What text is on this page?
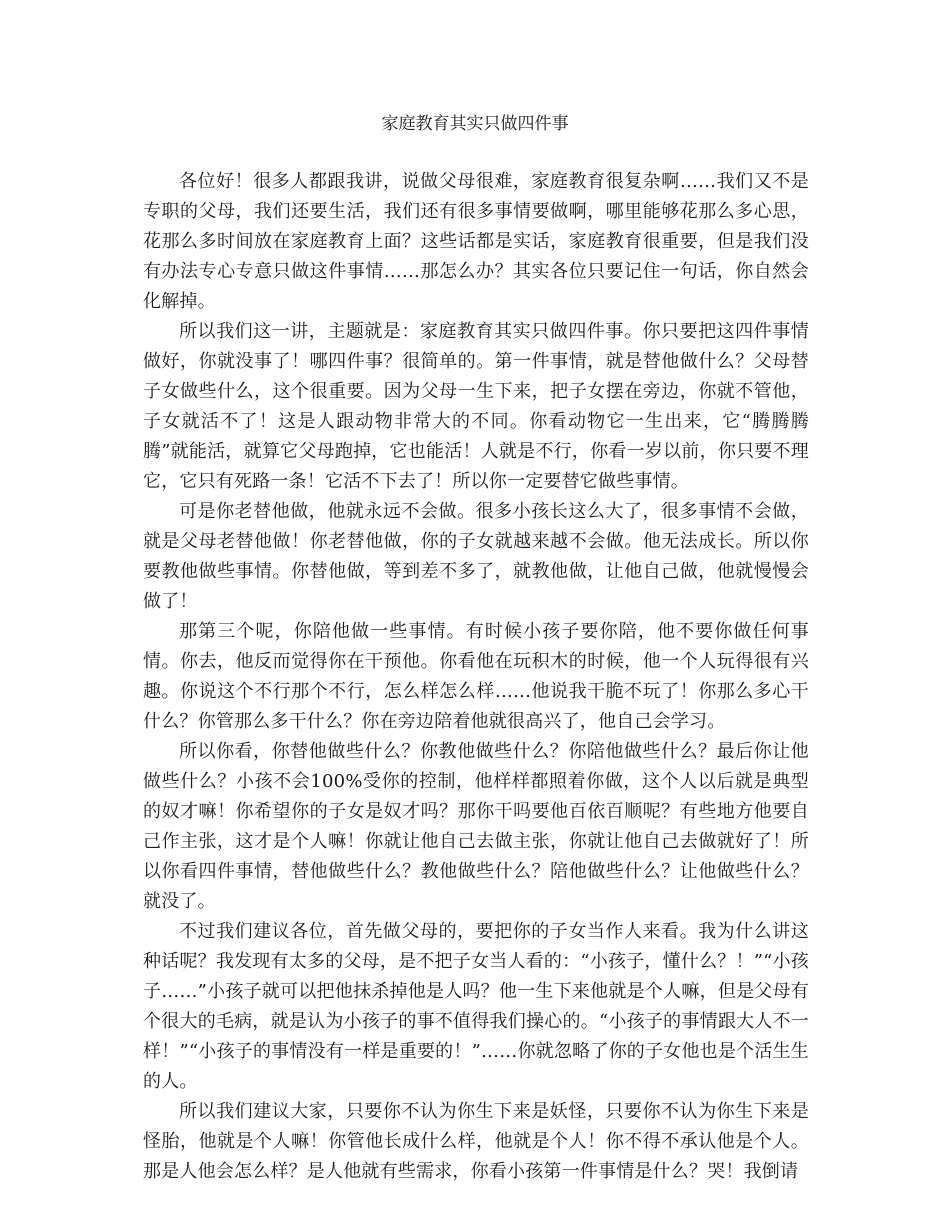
家庭教育其实只做四件事

各位好！很多人都跟我讲，说做父母很难，家庭教育很复杂啊……我们又不是专职的父母，我们还要生活，我们还有很多事情要做啊，哪里能够花那么多心思，花那么多时间放在家庭教育上面？这些话都是实话，家庭教育很重要，但是我们没有办法专心专意只做这件事情……那怎么办？其实各位只要记住一句话，你自然会化解掉。

所以我们这一讲，主题就是：家庭教育其实只做四件事。你只要把这四件事情做好，你就没事了！哪四件事？很简单的。第一件事情，就是替他做什么？父母替子女做些什么，这个很重要。因为父母一生下来，把子女摆在旁边，你就不管他，子女就活不了！这是人跟动物非常大的不同。你看动物它一生出来，它“腾腾腾腾”就能活，就算它父母跑掉，它也能活！人就是不行，你看一岁以前，你只要不理它，它只有死路一条！它活不下去了！所以你一定要替它做些事情。

可是你老替他做，他就永远不会做。很多小孩长这么大了，很多事情不会做，就是父母老替他做！你老替他做，你的子女就越来越不会做。他无法成长。所以你要教他做些事情。你替他做，等到差不多了，就教他做，让他自己做，他就慢慢会做了！

那第三个呢，你陪他做一些事情。有时候小孩子要你陪，他不要你做任何事情。你去，他反而觉得你在干预他。你看他在玩积木的时候，他一个人玩得很有兴趣。你说这个不行那个不行，怎么样怎么样……他说我干脆不玩了！你那么多心干什么？你管那么多干什么？你在旁边陪着他就很高兴了，他自己会学习。

所以你看，你替他做些什么？你教他做些什么？你陪他做些什么？最后你让他做些什么？小孩不会100%受你的控制，他样样都照着你做，这个人以后就是典型的奴才嘛！你希望你的子女是奴才吗？那你干吗要他百依百顺呢？有些地方他要自己作主张，这才是个人嘛！你就让他自己去做主张，你就让他自己去做就好了！所以你看四件事情，替他做些什么？教他做些什么？陪他做些什么？让他做些什么？就没了。

不过我们建议各位，首先做父母的，要把你的子女当作人来看。我为什么讲这种话呢？我发现有太多的父母，是不把子女当人看的：“小孩子，懂什么？！”“小孩子……”小孩子就可以把他抹杀掉他是人吗？他一生下来他就是个人嘛，但是父母有个很大的毛病，就是认为小孩子的事不值得我们操心的。“小孩子的事情跟大人不一样！”“小孩子的事情没有一样是重要的！”……你就忽略了你的子女他也是个活生生的人。

所以我们建议大家，只要你不认为你生下来是妖怪，只要你不认为你生下来是怪胎，他就是个人嘛！你管他长成什么样，他就是个人！你不得不承认他是个人。那是人他会怎么样？是人他就有些需求，你看小孩第一件事情是什么？哭！我倒请
